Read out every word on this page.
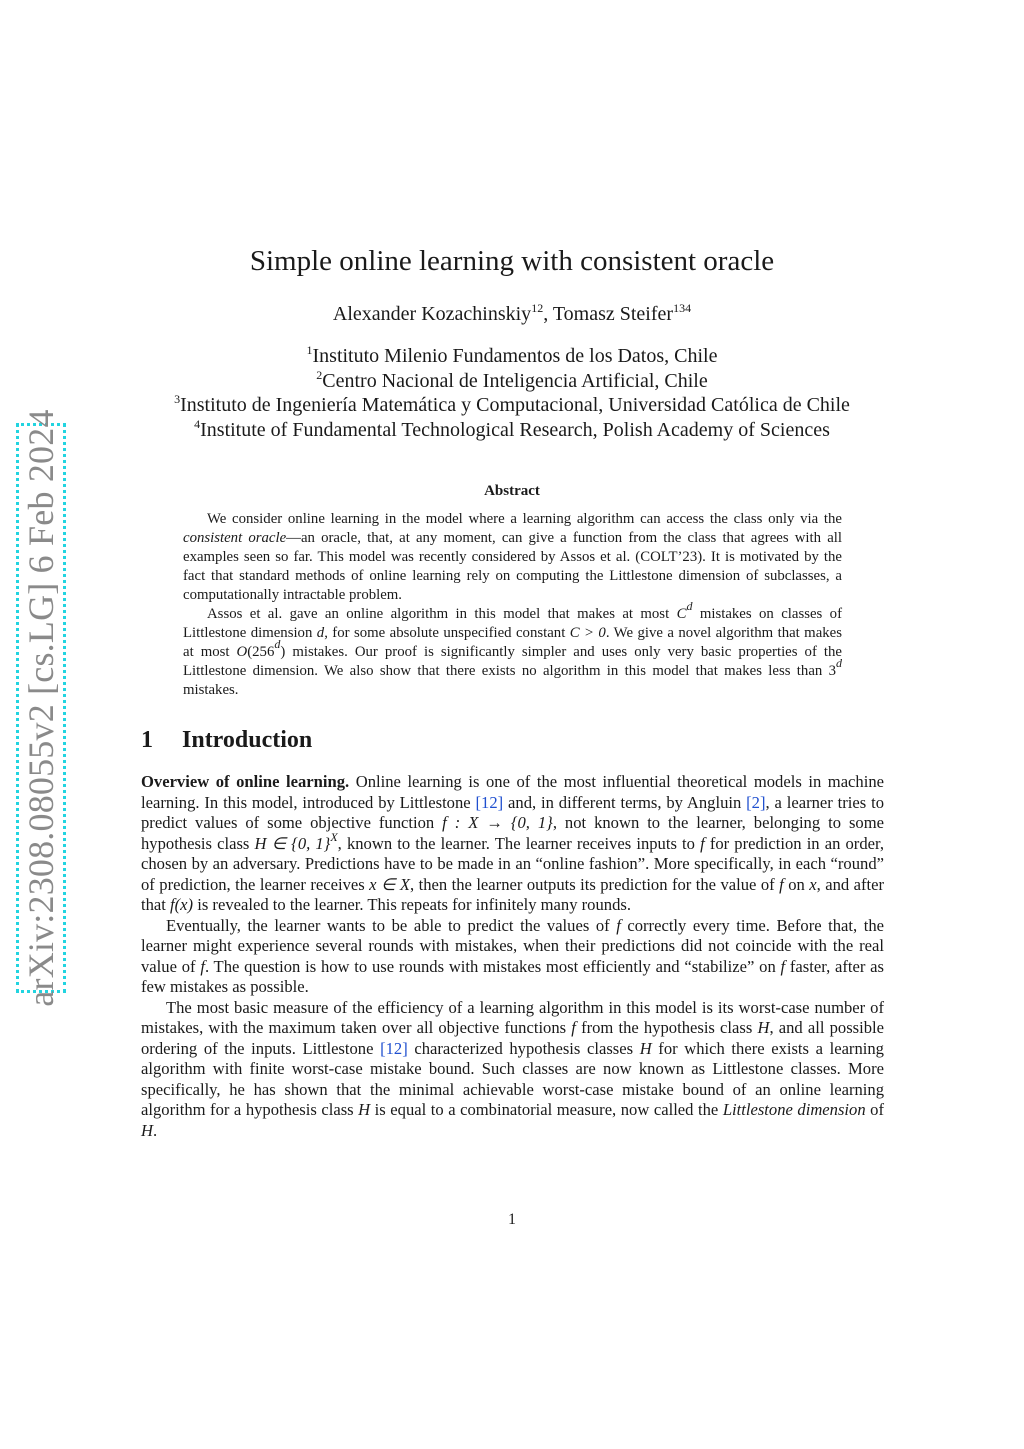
arXiv:2308.08055v2 [cs.LG] 6 Feb 2024
Simple online learning with consistent oracle
Alexander Kozachinskiy$^{12}$, Tomasz Steifer$^{134}$
$^1$Instituto Milenio Fundamentos de los Datos, Chile
$^2$Centro Nacional de Inteligencia Artificial, Chile
$^3$Instituto de Ingeniería Matemática y Computacional, Universidad Católica de Chile
$^4$Institute of Fundamental Technological Research, Polish Academy of Sciences
Abstract

We consider online learning in the model where a learning algorithm can access the class only via the consistent oracle—an oracle, that, at any moment, can give a function from the class that agrees with all examples seen so far. This model was recently considered by Assos et al. (COLT’23). It is motivated by the fact that standard methods of online learning rely on computing the Littlestone dimension of subclasses, a computationally intractable problem.

Assos et al. gave an online algorithm in this model that makes at most $C^d$ mistakes on classes of Littlestone dimension d, for some absolute unspecified constant C > 0. We give a novel algorithm that makes at most O(256$^d$) mistakes. Our proof is significantly simpler and uses only very basic properties of the Littlestone dimension. We also show that there exists no algorithm in this model that makes less than 3$^d$ mistakes.

1 Introduction

Overview of online learning. Online learning is one of the most influential theoretical models in machine learning. In this model, introduced by Littlestone [12] and, in different terms, by Angluin [2], a learner tries to predict values of some objective function f : X → {0, 1}, not known to the learner, belonging to some hypothesis class H ∈ {0, 1}$^X$, known to the learner. The learner receives inputs to f for prediction in an order, chosen by an adversary. Predictions have to be made in an “online fashion”. More specifically, in each “round” of prediction, the learner receives x ∈ X, then the learner outputs its prediction for the value of f on x, and after that f(x) is revealed to the learner. This repeats for infinitely many rounds.

Eventually, the learner wants to be able to predict the values of f correctly every time. Before that, the learner might experience several rounds with mistakes, when their predictions did not coincide with the real value of f. The question is how to use rounds with mistakes most efficiently and “stabilize” on f faster, after as few mistakes as possible.

The most basic measure of the efficiency of a learning algorithm in this model is its worst-case number of mistakes, with the maximum taken over all objective functions f from the hypothesis class H, and all possible ordering of the inputs. Littlestone [12] characterized hypothesis classes H for which there exists a learning algorithm with finite worst-case mistake bound. Such classes are now known as Littlestone classes. More specifically, he has shown that the minimal achievable worst-case mistake bound of an online learning algorithm for a hypothesis class H is equal to a combinatorial measure, now called the Littlestone dimension of H.

1
